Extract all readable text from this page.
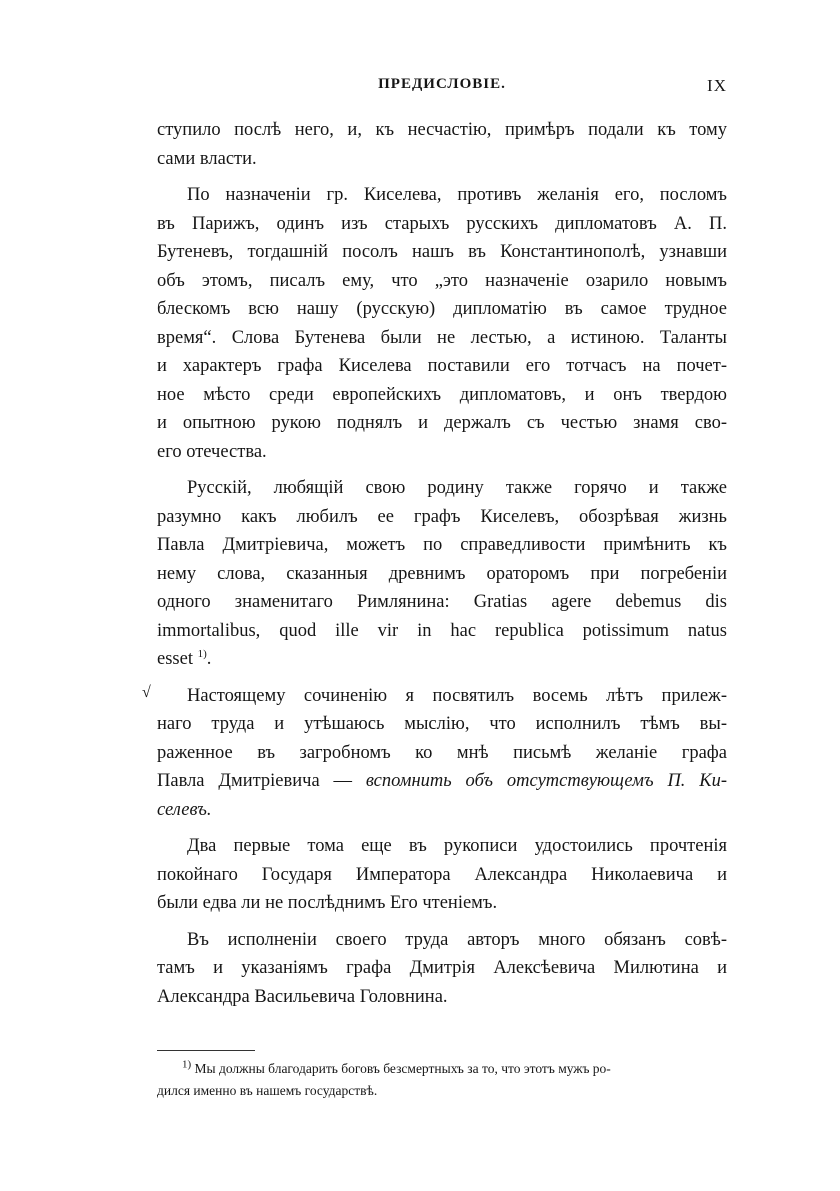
ПРЕДИСЛОВІЕ.	IX
ступило послѣ него, и, къ несчастію, примѣръ подали къ тому
сами власти.
По назначеніи гр. Киселева, противъ желанія его, посломъ
въ Парижъ, одинъ изъ старыхъ русскихъ дипломатовъ А. П.
Бутеневъ, тогдашній посолъ нашъ въ Константинополѣ, узнавши
объ этомъ, писалъ ему, что „это назначеніе озарило новымъ
блескомъ всю нашу (русскую) дипломатію въ самое трудное
время“. Слова Бутенева были не лестью, а истиною. Таланты
и характеръ графа Киселева поставили его тотчасъ на почет-
ное мѣсто среди европейскихъ дипломатовъ, и онъ твердою
и опытною рукою поднялъ и держалъ съ честью знамя сво-
его отечества.
Русскій, любящій свою родину также горячо и также
разумно какъ любилъ ее графъ Киселевъ, обозрѣвая жизнь
Павла Дмитріевича, можетъ по справедливости примѣнить къ
нему слова, сказанныя древнимъ ораторомъ при погребеніи
одного знаменитаго Римлянина: Gratias agere debemus dis
immortalibus, quod ille vir in hac republica potissimum natus
esset $^{1)}$.
√	Настоящему сочиненію я посвятилъ восемь лѣтъ прилеж-
наго труда и утѣшаюсь мыслію, что исполнилъ тѣмъ вы-
раженное въ загробномъ ко мнѣ письмѣ желаніе графа
Павла Дмитріевича — вспомнить объ отсутствующемъ П. Ки-
селевъ.
Два первые тома еще въ рукописи удостоились прочтенія
покойнаго Государя Императора Александра Николаевича и
были едва ли не послѣднимъ Его чтеніемъ.
Въ исполненіи своего труда авторъ много обязанъ совѣ-
тамъ и указаніямъ графа Дмитрія Алексѣевича Милютина и
Александра Васильевича Головнина.
$^{1)}$ Мы должны благодарить боговъ безсмертныхъ за то, что этотъ мужъ ро-
дился именно въ нашемъ государствѣ.
